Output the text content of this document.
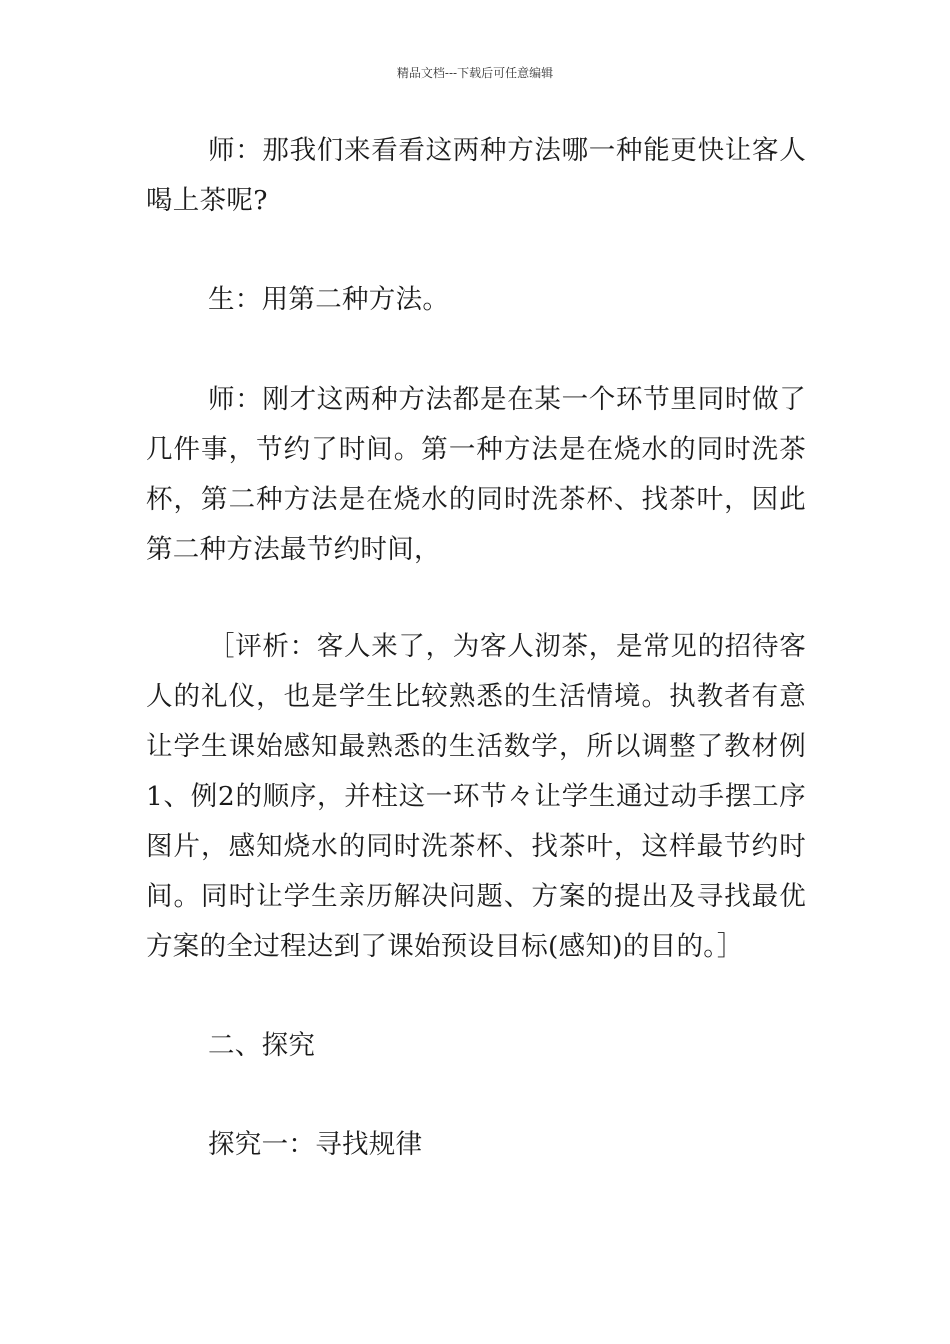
精品文档---下载后可任意编辑

师：那我们来看看这两种方法哪一种能更快让客人喝上茶呢?

生：用第二种方法。

师：刚才这两种方法都是在某一个环节里同时做了几件事，节约了时间。第一种方法是在烧水的同时洗茶杯，第二种方法是在烧水的同时洗茶杯、找茶叶，因此第二种方法最节约时间，

［评析：客人来了，为客人沏茶，是常见的招待客人的礼仪，也是学生比较熟悉的生活情境。执教者有意让学生课始感知最熟悉的生活数学，所以调整了教材例1、例2的顺序，并柱这一环节々让学生通过动手摆工序图片，感知烧水的同时洗茶杯、找茶叶，这样最节约时间。同时让学生亲历解决问题、方案的提出及寻找最优方案的全过程达到了课始预设目标(感知)的目的。］

二、探究

探究一：寻找规律
